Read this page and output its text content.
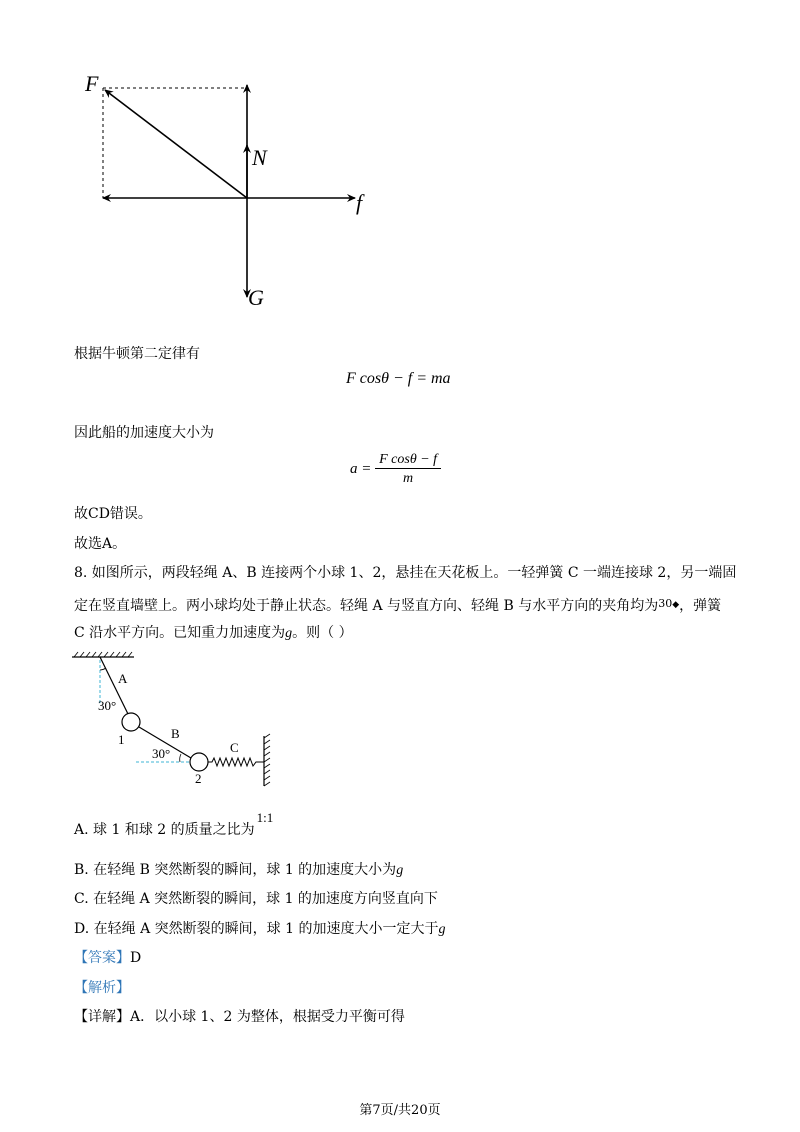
F
N
f
G
根据牛顿第二定律有
F cosθ − f = ma
因此船的加速度大小为
$a = \frac{\text{F cosθ − f}}{m}$
故CD错误。
故选A。
8. 如图所示，两段轻绳 A、B 连接两个小球 1、2，悬挂在天花板上。一轻弹簧 C 一端连接球 2，另一端固
定在竖直墙壁上。两小球均处于静止状态。轻绳 A 与竖直方向、轻绳 B 与水平方向的夹角均为$^{30◆}$，弹簧
C 沿水平方向。已知重力加速度为g。则（ ）
A
30°
1	B
30°	C
2
A. 球 1 和球 2 的质量之比为1:1
B. 在轻绳 B 突然断裂的瞬间，球 1 的加速度大小为g
C. 在轻绳 A 突然断裂的瞬间，球 1 的加速度方向竖直向下
D. 在轻绳 A 突然断裂的瞬间，球 1 的加速度大小一定大于g
【答案】D
【解析】
【详解】A．以小球 1、2 为整体，根据受力平衡可得
第7页/共20页
